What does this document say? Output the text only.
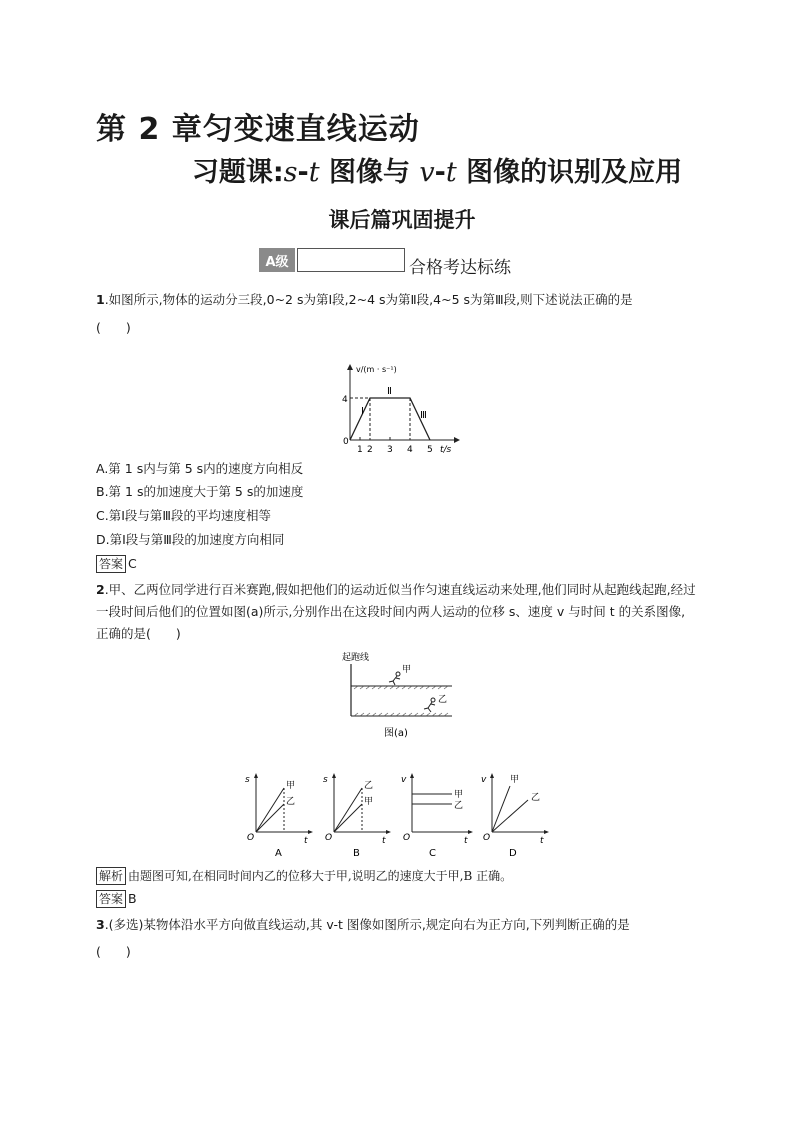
第 2 章匀变速直线运动
习题课:s-t 图像与 v-t 图像的识别及应用
课后篇巩固提升
A级	合格考达标练
1.如图所示,物体的运动分三段,0~2 s为第Ⅰ段,2~4 s为第Ⅱ段,4~5 s为第Ⅲ段,则下述说法正确的是
(　　)
v/(m · s⁻¹)
4
0
1 2 3 4 5 t/s
Ⅰ
Ⅱ
Ⅲ
A.第 1 s内与第 5 s内的速度方向相反
B.第 1 s的加速度大于第 5 s的加速度
C.第Ⅰ段与第Ⅲ段的平均速度相等
D.第Ⅰ段与第Ⅲ段的加速度方向相同
答案 C
2.甲、乙两位同学进行百米赛跑,假如把他们的运动近似当作匀速直线运动来处理,他们同时从起跑线起跑,经过一段时间后他们的位置如图(a)所示,分别作出在这段时间内两人运动的位移 s、速度 v 与时间 t 的关系图像,正确的是(　　)
起跑线
甲
乙
图(a)
s
甲
乙
O	t
A
s
乙
甲
O	t
B
v
甲
乙
O	t
C
v	甲
乙
O	t
D
解析 由题图可知,在相同时间内乙的位移大于甲,说明乙的速度大于甲,B 正确。
答案 B
3.(多选)某物体沿水平方向做直线运动,其 v-t 图像如图所示,规定向右为正方向,下列判断正确的是
(　　)
